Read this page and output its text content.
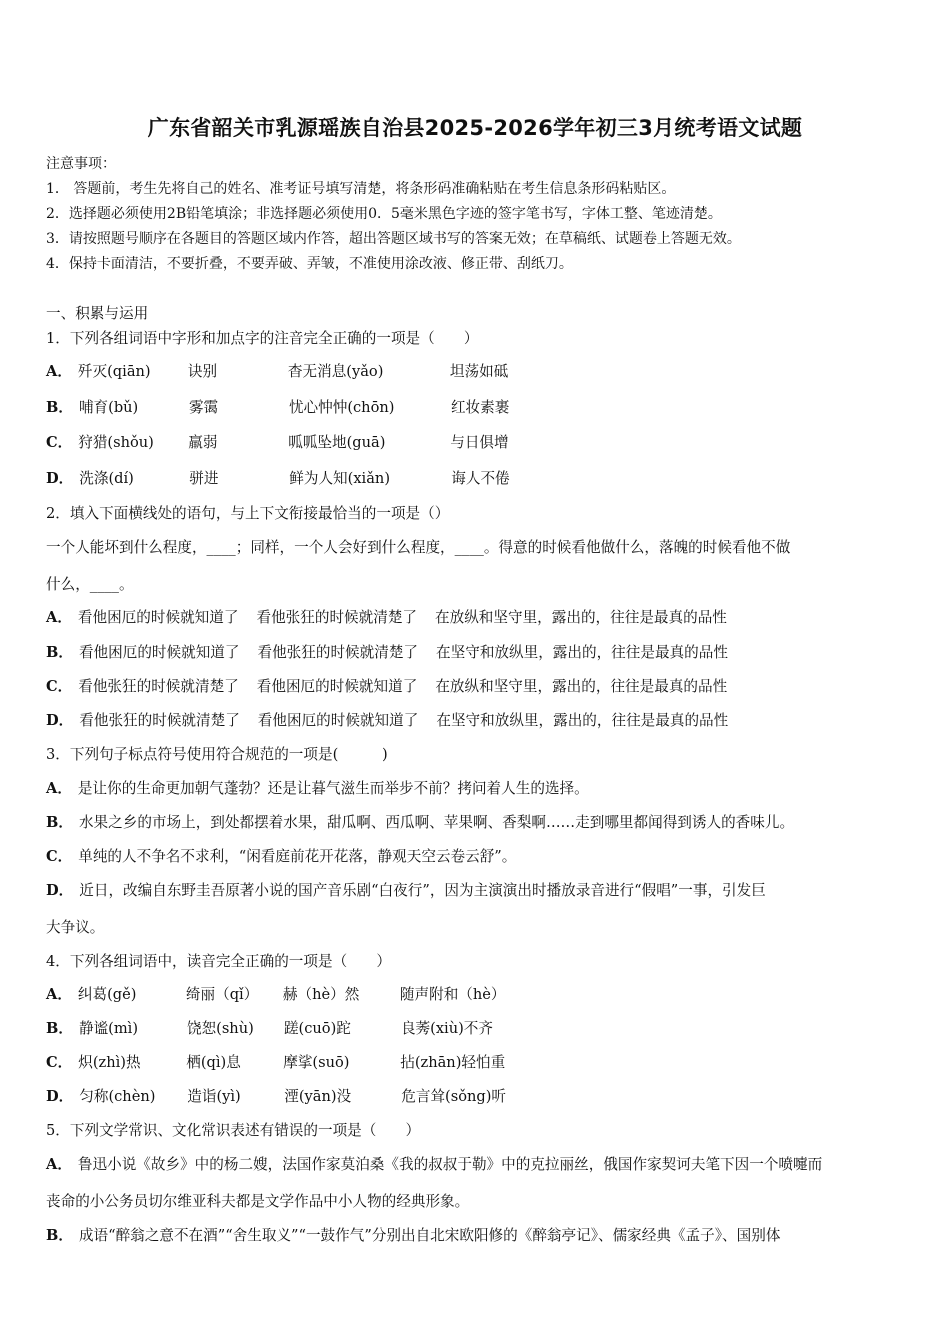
广东省韶关市乳源瑶族自治县2025-2026学年初三3月统考语文试题
注意事项：
1． 答题前，考生先将自己的姓名、准考证号填写清楚，将条形码准确粘贴在考生信息条形码粘贴区。
2．选择题必须使用2B铅笔填涂；非选择题必须使用0．5毫米黑色字迹的签字笔书写，字体工整、笔迹清楚。
3．请按照题号顺序在各题目的答题区域内作答，超出答题区域书写的答案无效；在草稿纸、试题卷上答题无效。
4．保持卡面清洁，不要折叠，不要弄破、弄皱，不准使用涂改液、修正带、刮纸刀。
一、积累与运用
1．下列各组词语中字形和加点字的注音完全正确的一项是（　　）
A． 歼灭(qiān)	诀别	杳无消息(yǎo)	坦荡如砥
B． 哺育(bǔ)	雾霭	忧心忡忡(chōn)	红妆素裹
C． 狩猎(shǒu) 羸弱	呱呱坠地(guā)	与日俱增
D． 洗涤(dí)	骈进	鲜为人知(xiǎn)	诲人不倦
2．填入下面横线处的语句，与上下文衔接最恰当的一项是（）
一个人能坏到什么程度，____；同样，一个人会好到什么程度，____。得意的时候看他做什么，落魄的时候看他不做
什么，____。
A． 看他困厄的时候就知道了 看他张狂的时候就清楚了 在放纵和坚守里，露出的，往往是最真的品性
B． 看他困厄的时候就知道了 看他张狂的时候就清楚了 在坚守和放纵里，露出的，往往是最真的品性
C． 看他张狂的时候就清楚了 看他困厄的时候就知道了 在放纵和坚守里，露出的，往往是最真的品性
D． 看他张狂的时候就清楚了 看他困厄的时候就知道了 在坚守和放纵里，露出的，往往是最真的品性
3．下列句子标点符号使用符合规范的一项是(　　　)
A． 是让你的生命更加朝气蓬勃？还是让暮气滋生而举步不前？拷问着人生的选择。
B． 水果之乡的市场上，到处都摆着水果，甜瓜啊、西瓜啊、苹果啊、香梨啊……走到哪里都闻得到诱人的香味儿。
C． 单纯的人不争名不求利，“闲看庭前花开花落，静观天空云卷云舒”。
D． 近日，改编自东野圭吾原著小说的国产音乐剧“白夜行”，因为主演演出时播放录音进行“假唱”一事，引发巨
大争议。
4．下列各组词语中，读音完全正确的一项是（　　）
A． 纠葛(gě)	绮丽（qǐ） 赫（hè）然	随声附和（hè）
B． 静谧(mì)	饶恕(shù) 蹉(cuō)跎	良莠(xiù)不齐
C． 炽(zhì)热	栖(qì)息	摩挲(suō)	拈(zhān)轻怕重
D． 匀称(chèn) 造诣(yì)	湮(yān)没	危言耸(sǒng)听
5．下列文学常识、文化常识表述有错误的一项是（　　）
A． 鲁迅小说《故乡》中的杨二嫂，法国作家莫泊桑《我的叔叔于勒》中的克拉丽丝，俄国作家契诃夫笔下因一个喷嚏而
丧命的小公务员切尔维亚科夫都是文学作品中小人物的经典形象。
B． 成语“醉翁之意不在酒”“舍生取义”“一鼓作气”分别出自北宋欧阳修的《醉翁亭记》、儒家经典《孟子》、国别体
